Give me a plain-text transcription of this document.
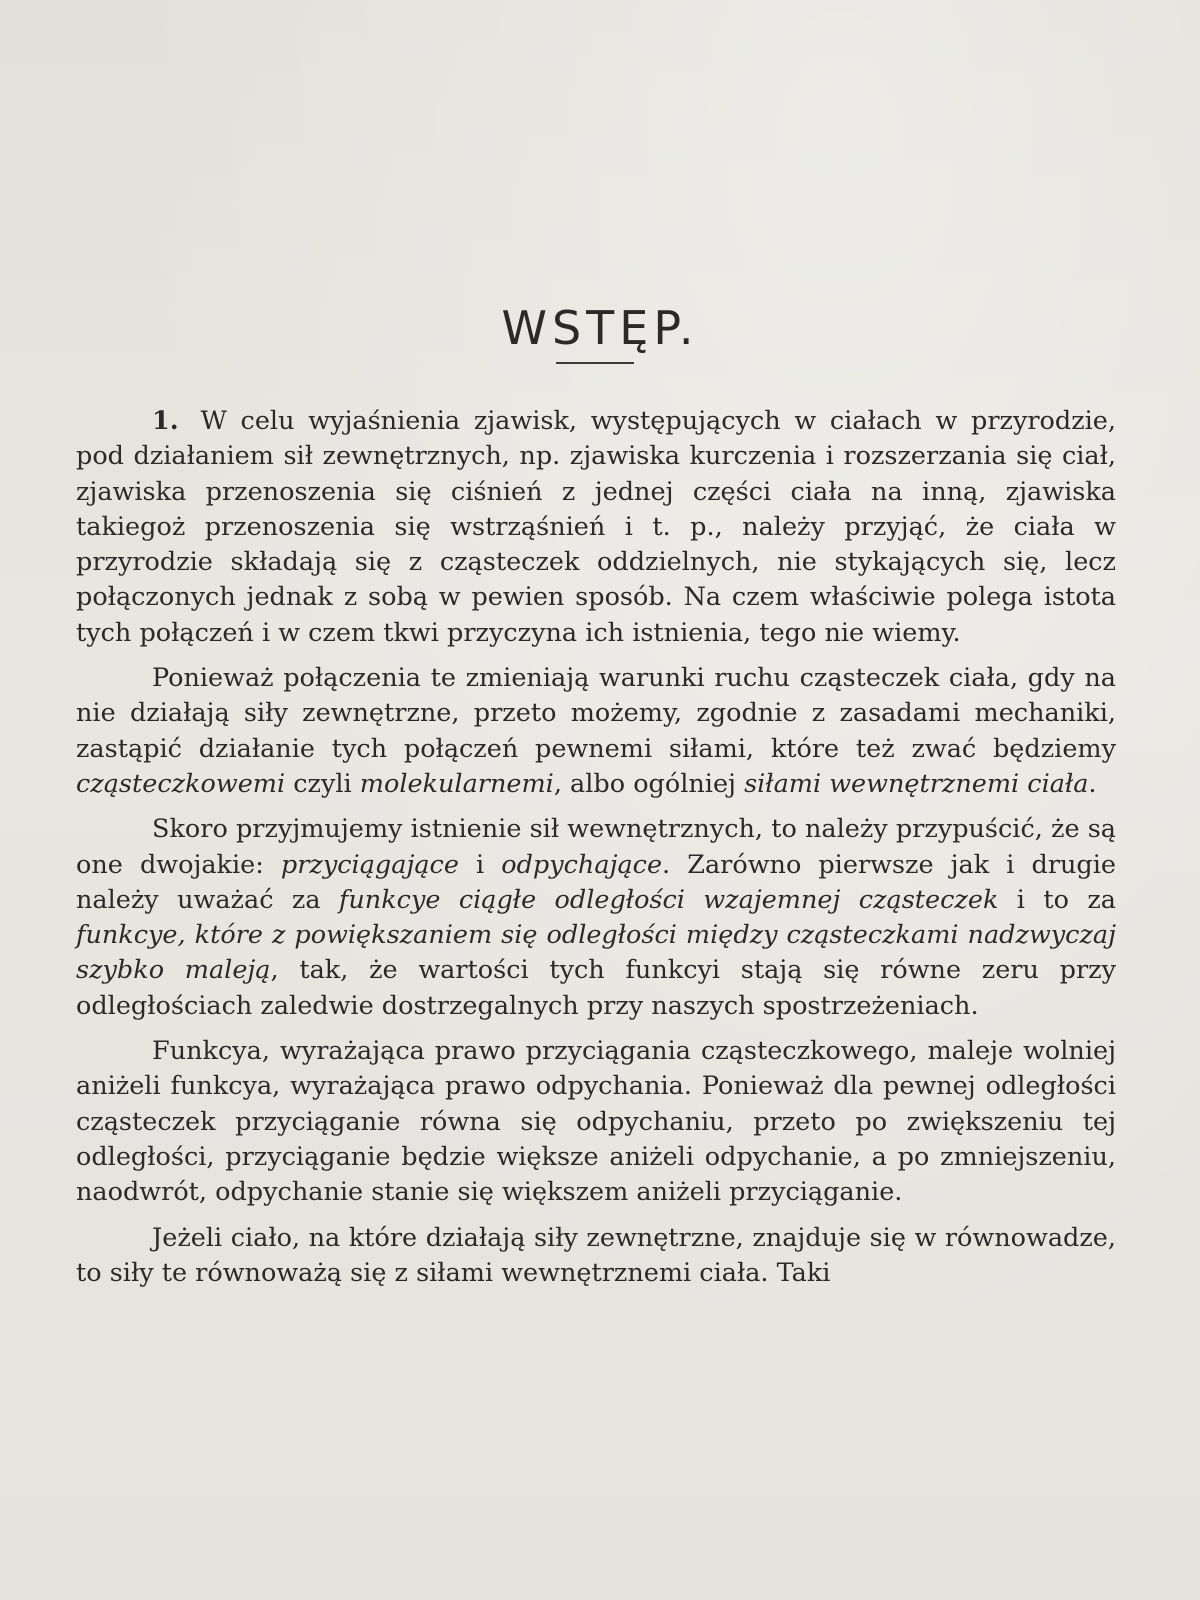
WSTĘP.

1. W celu wyjaśnienia zjawisk, występujących w ciałach w przyrodzie, pod działaniem sił zewnętrznych, np. zjawiska kurczenia i rozszerzania się ciał, zjawiska przenoszenia się ciśnień z jednej części ciała na inną, zjawiska takiegoż przenoszenia się wstrząśnień i t. p., należy przyjąć, że ciała w przyrodzie składają się z cząsteczek oddzielnych, nie stykających się, lecz połączonych jednak z sobą w pewien sposób. Na czem właściwie polega istota tych połączeń i w czem tkwi przyczyna ich istnienia, tego nie wiemy.

Ponieważ połączenia te zmieniają warunki ruchu cząsteczek ciała, gdy na nie działają siły zewnętrzne, przeto możemy, zgodnie z zasadami mechaniki, zastąpić działanie tych połączeń pewnemi siłami, które też zwać będziemy cząsteczkowemi czyli molekularnemi, albo ogólniej siłami wewnętrznemi ciała.

Skoro przyjmujemy istnienie sił wewnętrznych, to należy przypuścić, że są one dwojakie: przyciągające i odpychające. Zarówno pierwsze jak i drugie należy uważać za funkcye ciągłe odległości wzajemnej cząsteczek i to za funkcye, które z powiększaniem się odległości między cząsteczkami nadzwyczaj szybko maleją, tak, że wartości tych funkcyi stają się równe zeru przy odległościach zaledwie dostrzegalnych przy naszych spostrzeżeniach.

Funkcya, wyrażająca prawo przyciągania cząsteczkowego, maleje wolniej aniżeli funkcya, wyrażająca prawo odpychania. Ponieważ dla pewnej odległości cząsteczek przyciąganie równa się odpychaniu, przeto po zwiększeniu tej odległości, przyciąganie będzie większe aniżeli odpychanie, a po zmniejszeniu, naodwrót, odpychanie stanie się większem aniżeli przyciąganie.

Jeżeli ciało, na które działają siły zewnętrzne, znajduje się w równowadze, to siły te równoważą się z siłami wewnętrznemi ciała. Taki
